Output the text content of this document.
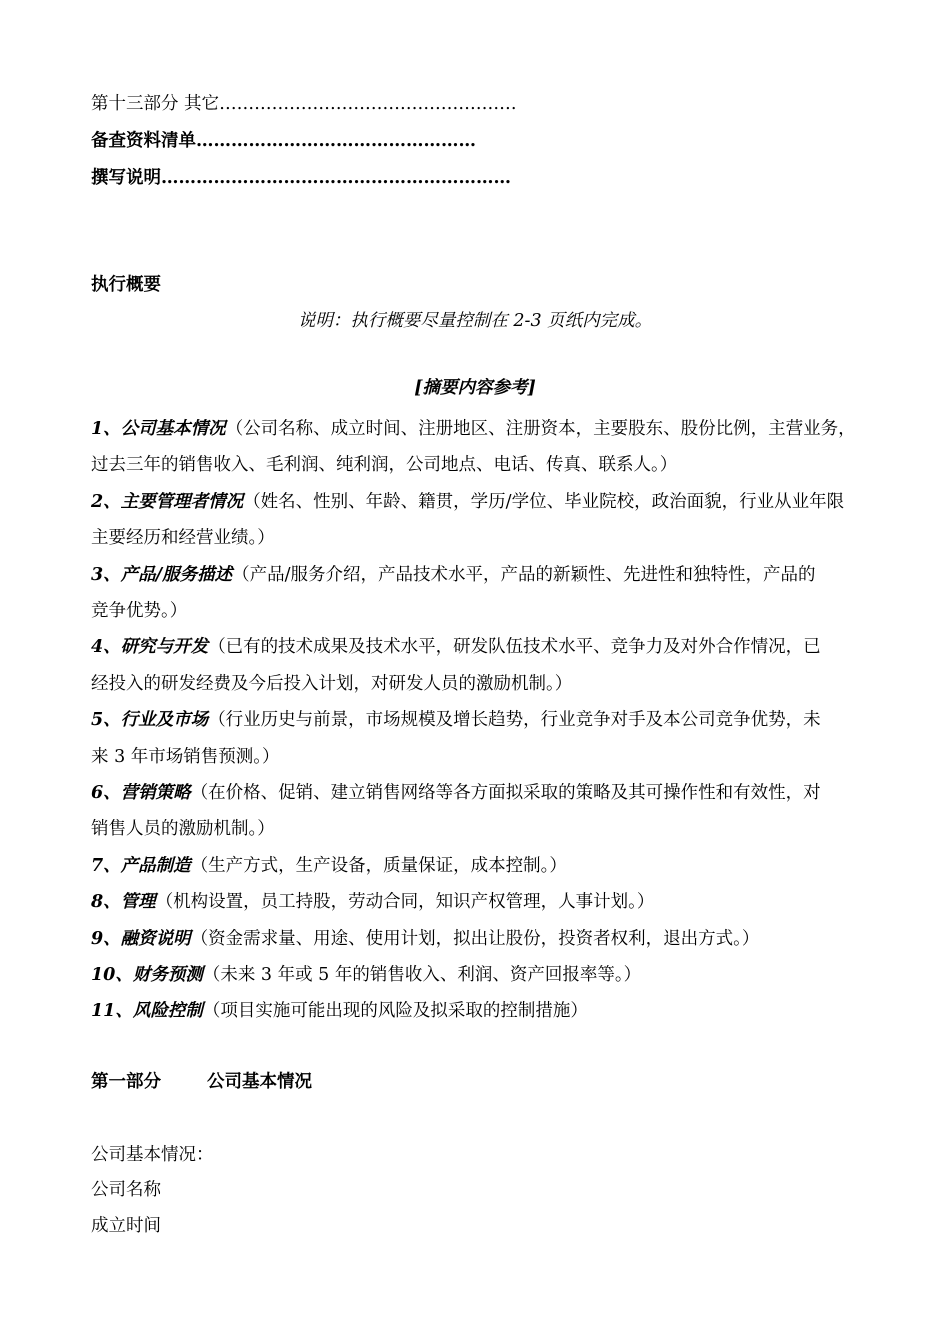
第十三部分 其它……………………………………………
备查资料清单…………………………………………
撰写说明……………………………………………………
执行概要
说明：执行概要尽量控制在 2-3 页纸内完成。
[摘要内容参考]
1、公司基本情况（公司名称、成立时间、注册地区、注册资本，主要股东、股份比例，主营业务，
过去三年的销售收入、毛利润、纯利润，公司地点、电话、传真、联系人。）
2、主要管理者情况（姓名、性别、年龄、籍贯，学历/学位、毕业院校，政治面貌，行业从业年限
主要经历和经营业绩。）
3、产品/服务描述（产品/服务介绍，产品技术水平，产品的新颖性、先进性和独特性，产品的
竞争优势。）
4、研究与开发（已有的技术成果及技术水平，研发队伍技术水平、竞争力及对外合作情况，已
经投入的研发经费及今后投入计划，对研发人员的激励机制。）
5、行业及市场（行业历史与前景，市场规模及增长趋势，行业竞争对手及本公司竞争优势，未
来 3 年市场销售预测。）
6、营销策略（在价格、促销、建立销售网络等各方面拟采取的策略及其可操作性和有效性，对
销售人员的激励机制。）
7、产品制造（生产方式，生产设备，质量保证，成本控制。）
8、管理（机构设置，员工持股，劳动合同，知识产权管理，人事计划。）
9、融资说明（资金需求量、用途、使用计划，拟出让股份，投资者权利，退出方式。）
10、财务预测（未来 3 年或 5 年的销售收入、利润、资产回报率等。）
11、风险控制（项目实施可能出现的风险及拟采取的控制措施）
第一部分	公司基本情况
公司基本情况：
公司名称
成立时间
